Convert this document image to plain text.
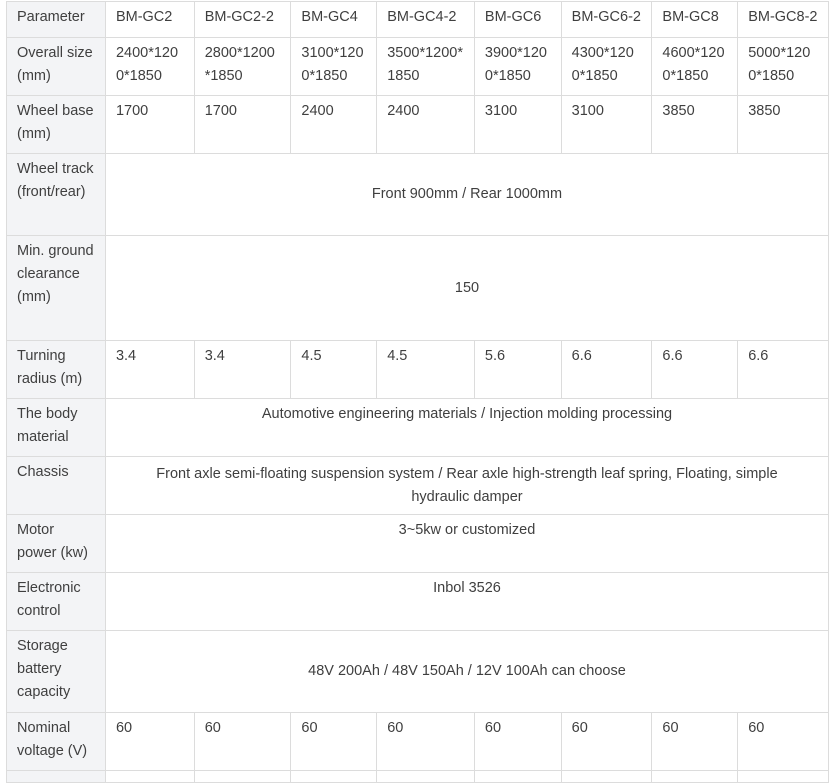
Parameter	BM-GC2	BM-GC2-2	BM-GC4	BM-GC4-2	BM-GC6	BM-GC6-2	BM-GC8	BM-GC8-2
Overall size (mm)	2400*1200*1850	2800*1200*1850	3100*1200*1850	3500*1200*1850	3900*1200*1850	4300*1200*1850	4600*1200*1850	5000*1200*1850
Wheel base (mm)	1700	1700	2400	2400	3100	3100	3850	3850
Wheel track (front/rear)	Front 900mm / Rear 1000mm							
Min. ground clearance (mm)	150							
Turning radius (m)	3.4	3.4	4.5	4.5	5.6	6.6	6.6	6.6
The body material	Automotive engineering materials / Injection molding processing							
Chassis	Front axle semi-floating suspension system / Rear axle high-strength leaf spring, Floating, simple hydraulic damper							
Motor power (kw)	3~5kw or customized							
Electronic control	Inbol 3526							
Storage battery capacity	48V 200Ah / 48V 150Ah / 12V 100Ah can choose							
Nominal voltage (V)	60	60	60	60	60	60	60	60
